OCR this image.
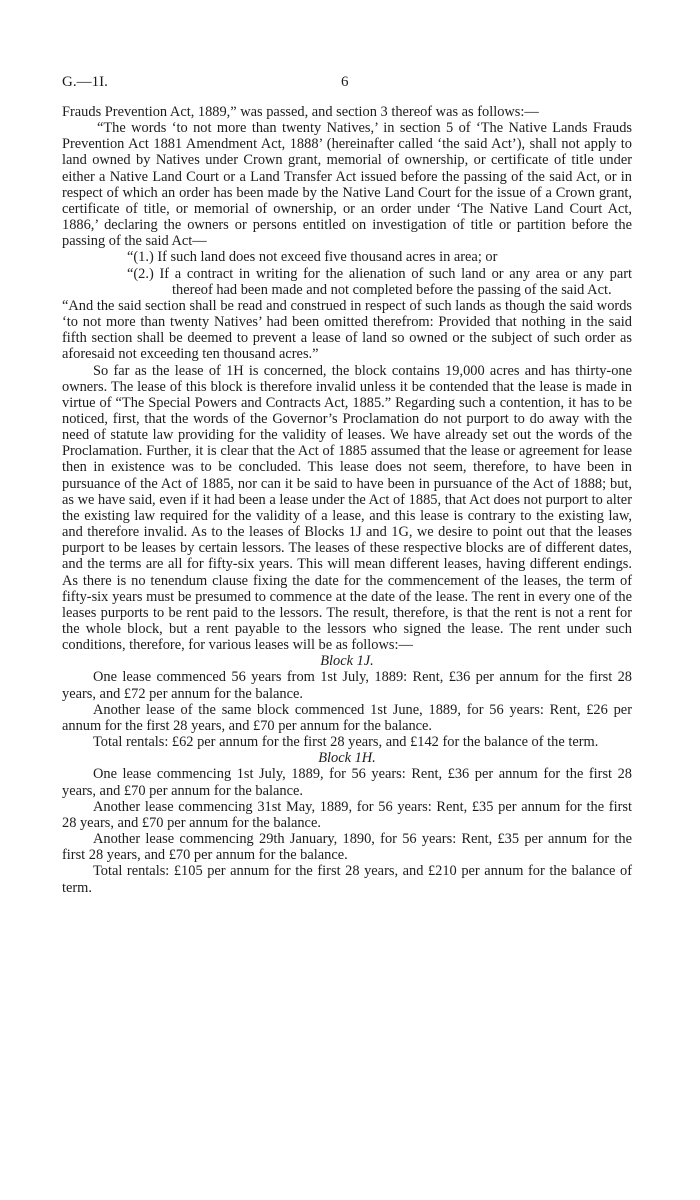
G.—1I.	6

Frauds Prevention Act, 1889,” was passed, and section 3 thereof was as follows:—

“The words ‘to not more than twenty Natives,’ in section 5 of ‘The Native Lands Frauds Prevention Act 1881 Amendment Act, 1888’ (hereinafter called ‘the said Act’), shall not apply to land owned by Natives under Crown grant, memorial of ownership, or certificate of title under either a Native Land Court or a Land Transfer Act issued before the passing of the said Act, or in respect of which an order has been made by the Native Land Court for the issue of a Crown grant, certificate of title, or memorial of ownership, or an order under ‘The Native Land Court Act, 1886,’ declaring the owners or persons entitled on investigation of title or partition before the passing of the said Act—

“(1.) If such land does not exceed five thousand acres in area; or

“(2.) If a contract in writing for the alienation of such land or any area or any part thereof had been made and not completed before the passing of the said Act.

“And the said section shall be read and construed in respect of such lands as though the said words ‘to not more than twenty Natives’ had been omitted therefrom: Provided that nothing in the said fifth section shall be deemed to prevent a lease of land so owned or the subject of such order as aforesaid not exceeding ten thousand acres.”

So far as the lease of 1H is concerned, the block contains 19,000 acres and has thirty-one owners. The lease of this block is therefore invalid unless it be contended that the lease is made in virtue of “The Special Powers and Contracts Act, 1885.” Regarding such a contention, it has to be noticed, first, that the words of the Governor’s Proclamation do not purport to do away with the need of statute law providing for the validity of leases. We have already set out the words of the Proclamation. Further, it is clear that the Act of 1885 assumed that the lease or agreement for lease then in existence was to be concluded. This lease does not seem, therefore, to have been in pursuance of the Act of 1885, nor can it be said to have been in pursuance of the Act of 1888; but, as we have said, even if it had been a lease under the Act of 1885, that Act does not purport to alter the existing law required for the validity of a lease, and this lease is contrary to the existing law, and therefore invalid. As to the leases of Blocks 1J and 1G, we desire to point out that the leases purport to be leases by certain lessors. The leases of these respective blocks are of different dates, and the terms are all for fifty-six years. This will mean different leases, having different endings. As there is no tenendum clause fixing the date for the commencement of the leases, the term of fifty-six years must be presumed to commence at the date of the lease. The rent in every one of the leases purports to be rent paid to the lessors. The result, therefore, is that the rent is not a rent for the whole block, but a rent payable to the lessors who signed the lease. The rent under such conditions, therefore, for various leases will be as follows:—

Block 1J.

One lease commenced 56 years from 1st July, 1889: Rent, £36 per annum for the first 28 years, and £72 per annum for the balance.

Another lease of the same block commenced 1st June, 1889, for 56 years: Rent, £26 per annum for the first 28 years, and £70 per annum for the balance.

Total rentals: £62 per annum for the first 28 years, and £142 for the balance of the term.

Block 1H.

One lease commencing 1st July, 1889, for 56 years: Rent, £36 per annum for the first 28 years, and £70 per annum for the balance.

Another lease commencing 31st May, 1889, for 56 years: Rent, £35 per annum for the first 28 years, and £70 per annum for the balance.

Another lease commencing 29th January, 1890, for 56 years: Rent, £35 per annum for the first 28 years, and £70 per annum for the balance.

Total rentals: £105 per annum for the first 28 years, and £210 per annum for the balance of term.
